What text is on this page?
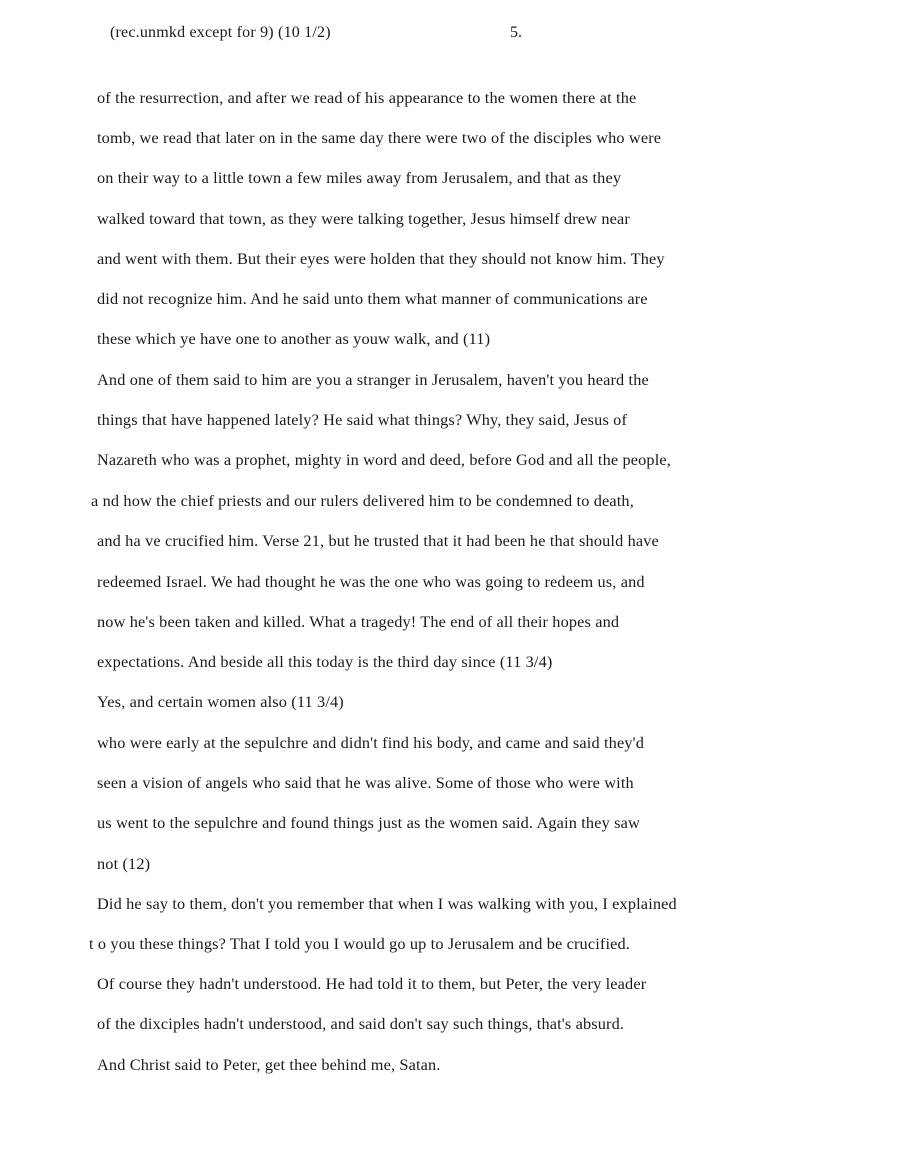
(rec.unmkd except for 9) (10 1/2)	5.
of the resurrection, and after we read of his appearance to the women there at the
tomb, we read that later on in the same day there were two of the disciples who were
on their way to a little town a few miles away from Jerusalem, and that as they
walked toward that town, as they were talking together, Jesus himself drew near
and went with them. But their eyes were holden that they should not know him. They
did not recognize him. And he said unto them what manner of communications are
these which ye have one to another as youw walk, and (11)
And one of them said to him are you a stranger in Jerusalem, haven't you heard the
things that have happened lately? He said what things? Why, they said, Jesus of
Nazareth who was a prophet, mighty in word and deed, before God and all the people,
a nd how the chief priests and our rulers delivered him to be condemned to death,
and ha ve crucified him. Verse 21, but he trusted that it had been he that should have
redeemed Israel. We had thought he was the one who was going to redeem us, and
now he's been taken and killed. What a tragedy! The end of all their hopes and
expectations. And beside all this today is the third day since (11 3/4)
Yes, and certain women also (11 3/4)
who were early at the sepulchre and didn't find his body, and came and said they'd
seen a vision of angels who said that he was alive. Some of those who were with
us went to the sepulchre and found things just as the women said. Again they saw
not (12)
Did he say to them, don't you remember that when I was walking with you, I explained
t o you these things? That I told you I would go up to Jerusalem and be crucified.
Of course they hadn't understood. He had told it to them, but Peter, the very leader
of the dixciples hadn't understood, and said don't say such things, that's absurd.
And Christ said to Peter, get thee behind me, Satan.
